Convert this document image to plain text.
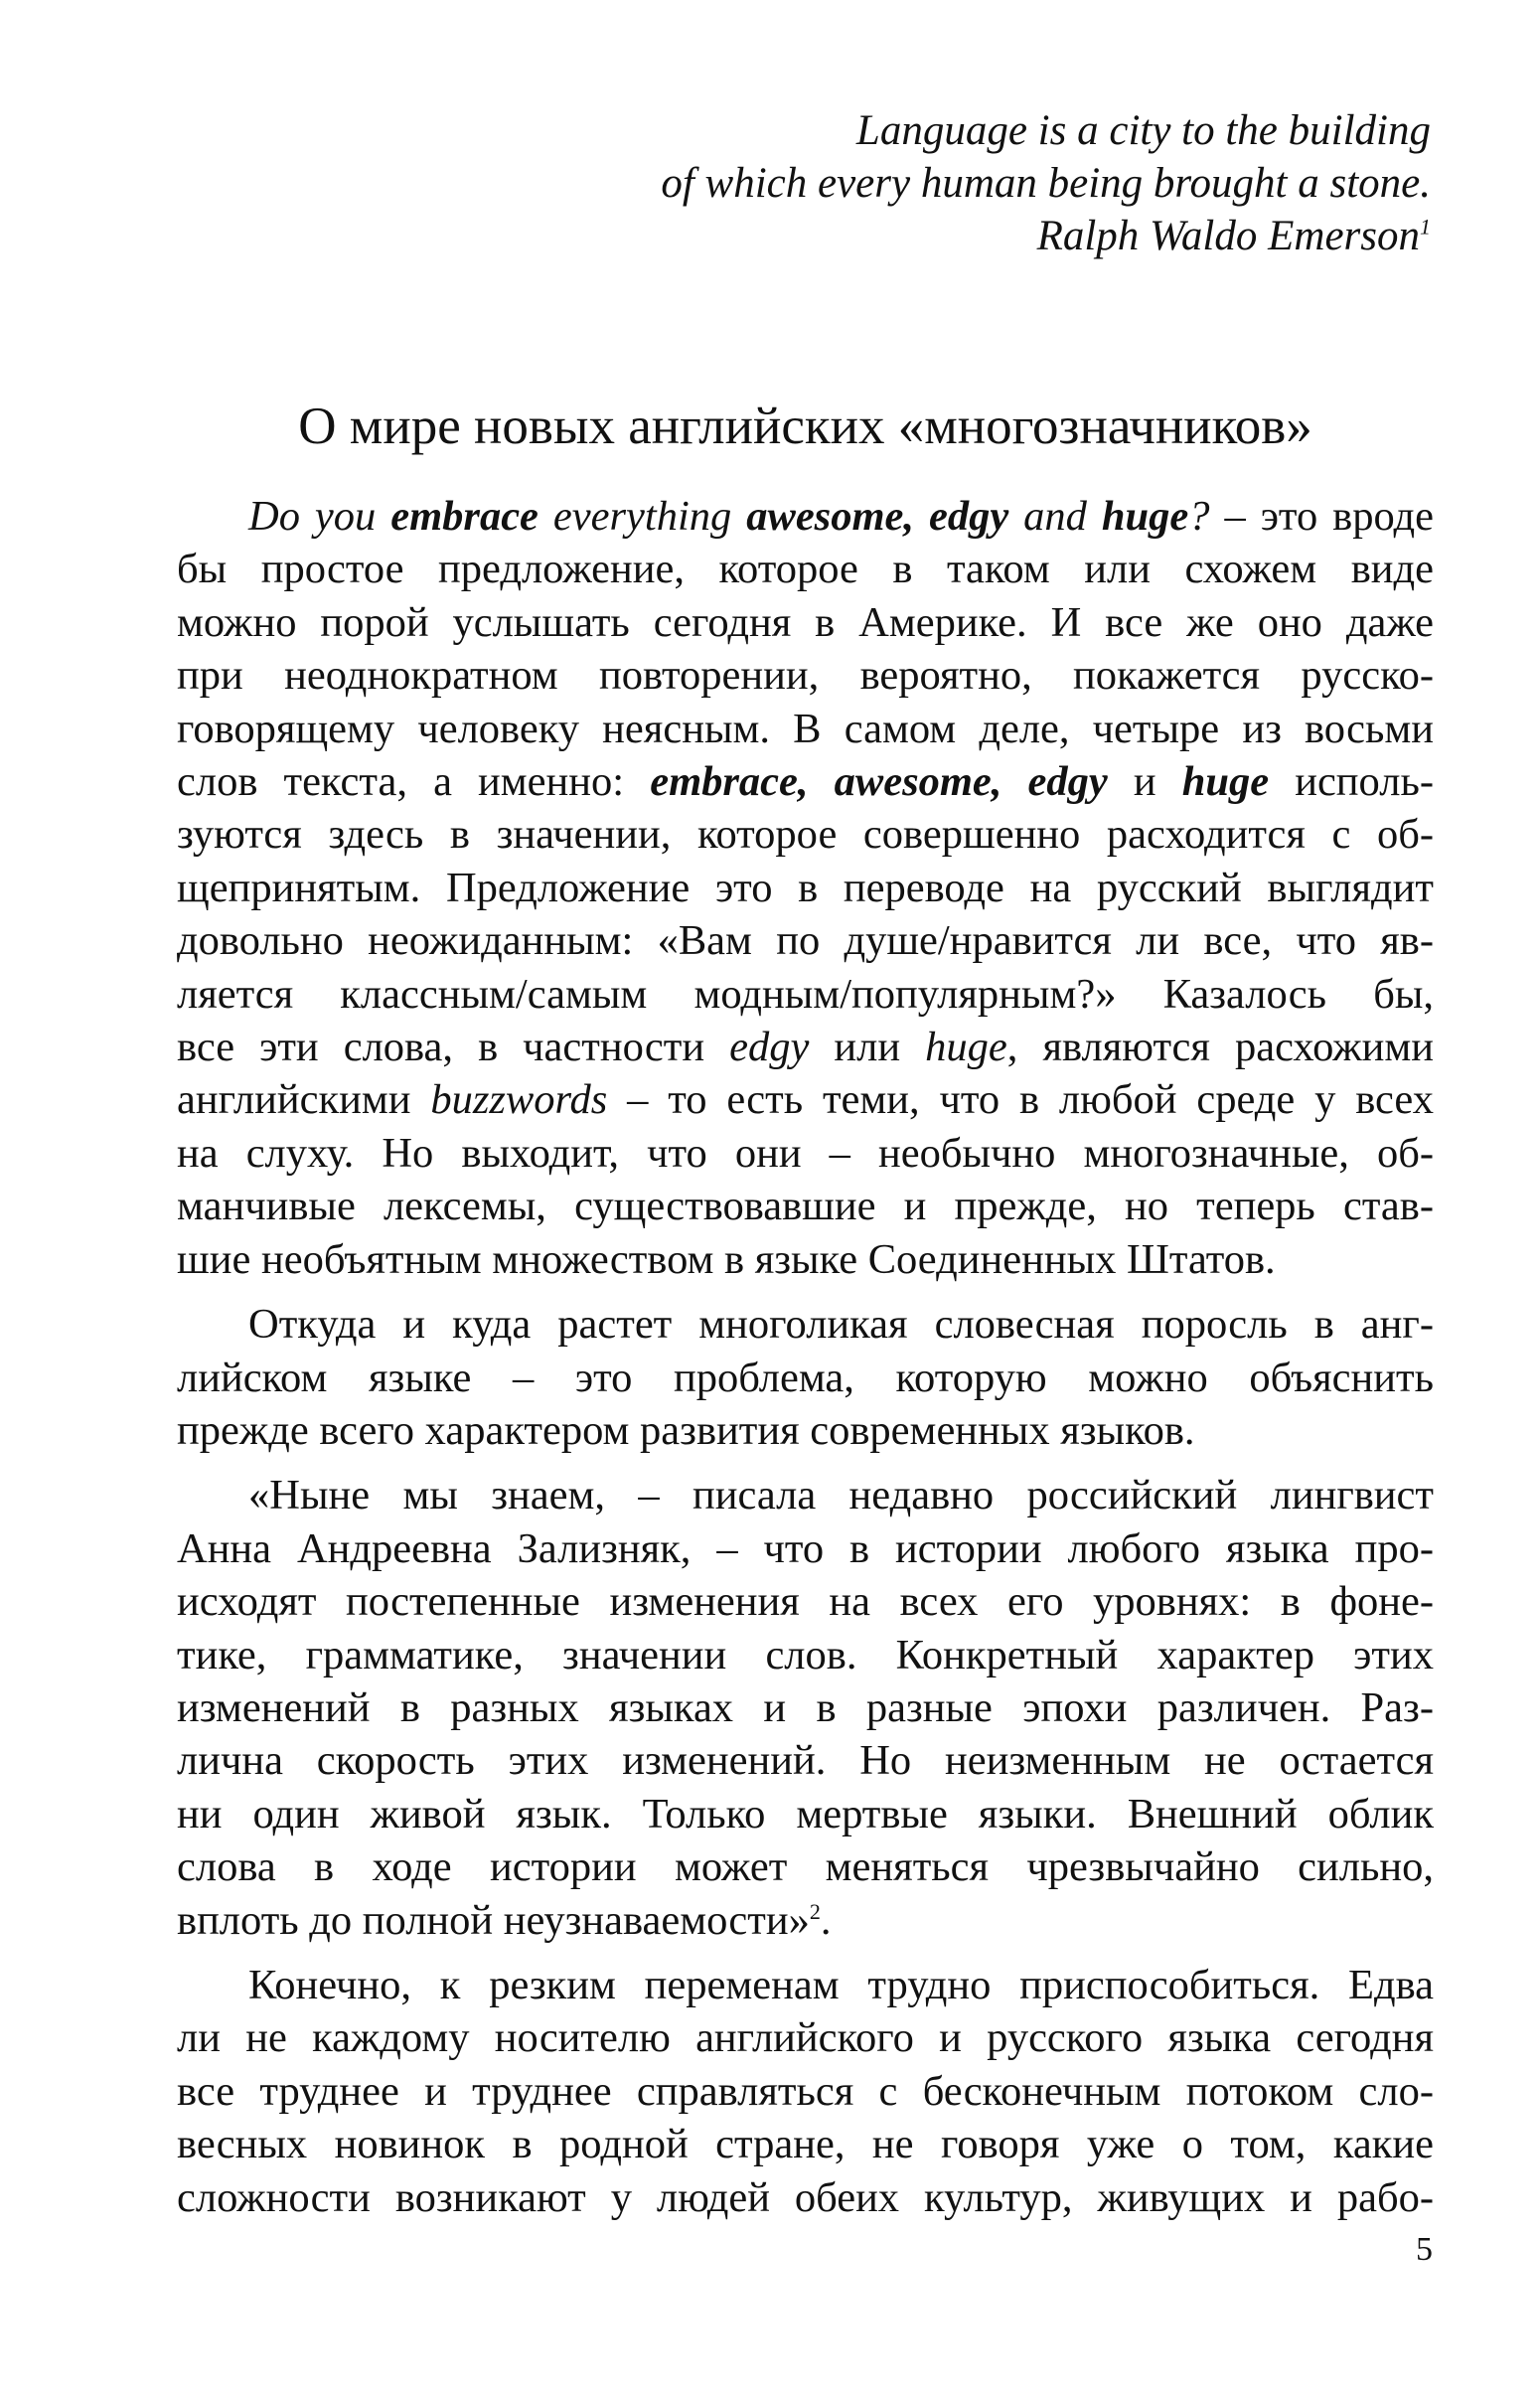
Language is a city to the building
of which every human being brought a stone.
Ralph Waldo Emerson$^1$
О мире новых английских «многозначников»

Do you embrace everything awesome, edgy and huge? – это вроде
бы простое предложение, которое в таком или схожем виде
можно порой услышать сегодня в Америке. И все же оно даже
при неоднократном повторении, вероятно, покажется русско-
говорящему человеку неясным. В самом деле, четыре из восьми
слов текста, а именно: embrace, awesome, edgy и huge исполь-
зуются здесь в значении, которое совершенно расходится с об-
щепринятым. Предложение это в переводе на русский выглядит
довольно неожиданным: «Вам по душе/нравится ли все, что яв-
ляется классным/самым модным/популярным?» Казалось бы,
все эти слова, в частности edgy или huge, являются расхожими
английскими buzzwords – то есть теми, что в любой среде у всех
на слуху. Но выходит, что они – необычно многозначные, об-
манчивые лексемы, существовавшие и прежде, но теперь став-
шие необъятным множеством в языке Соединенных Штатов.

Откуда и куда растет многоликая словесная поросль в анг-
лийском языке – это проблема, которую можно объяснить
прежде всего характером развития современных языков.

«Ныне мы знаем, – писала недавно российский лингвист
Анна Андреевна Зализняк, – что в истории любого языка про-
исходят постепенные изменения на всех его уровнях: в фоне-
тике, грамматике, значении слов. Конкретный характер этих
изменений в разных языках и в разные эпохи различен. Раз-
лична скорость этих изменений. Но неизменным не остается
ни один живой язык. Только мертвые языки. Внешний облик
слова в ходе истории может меняться чрезвычайно сильно,
вплоть до полной неузнаваемости»$^2$.

Конечно, к резким переменам трудно приспособиться. Едва
ли не каждому носителю английского и русского языка сегодня
все труднее и труднее справляться с бесконечным потоком сло-
весных новинок в родной стране, не говоря уже о том, какие
сложности возникают у людей обеих культур, живущих и рабо-

5
